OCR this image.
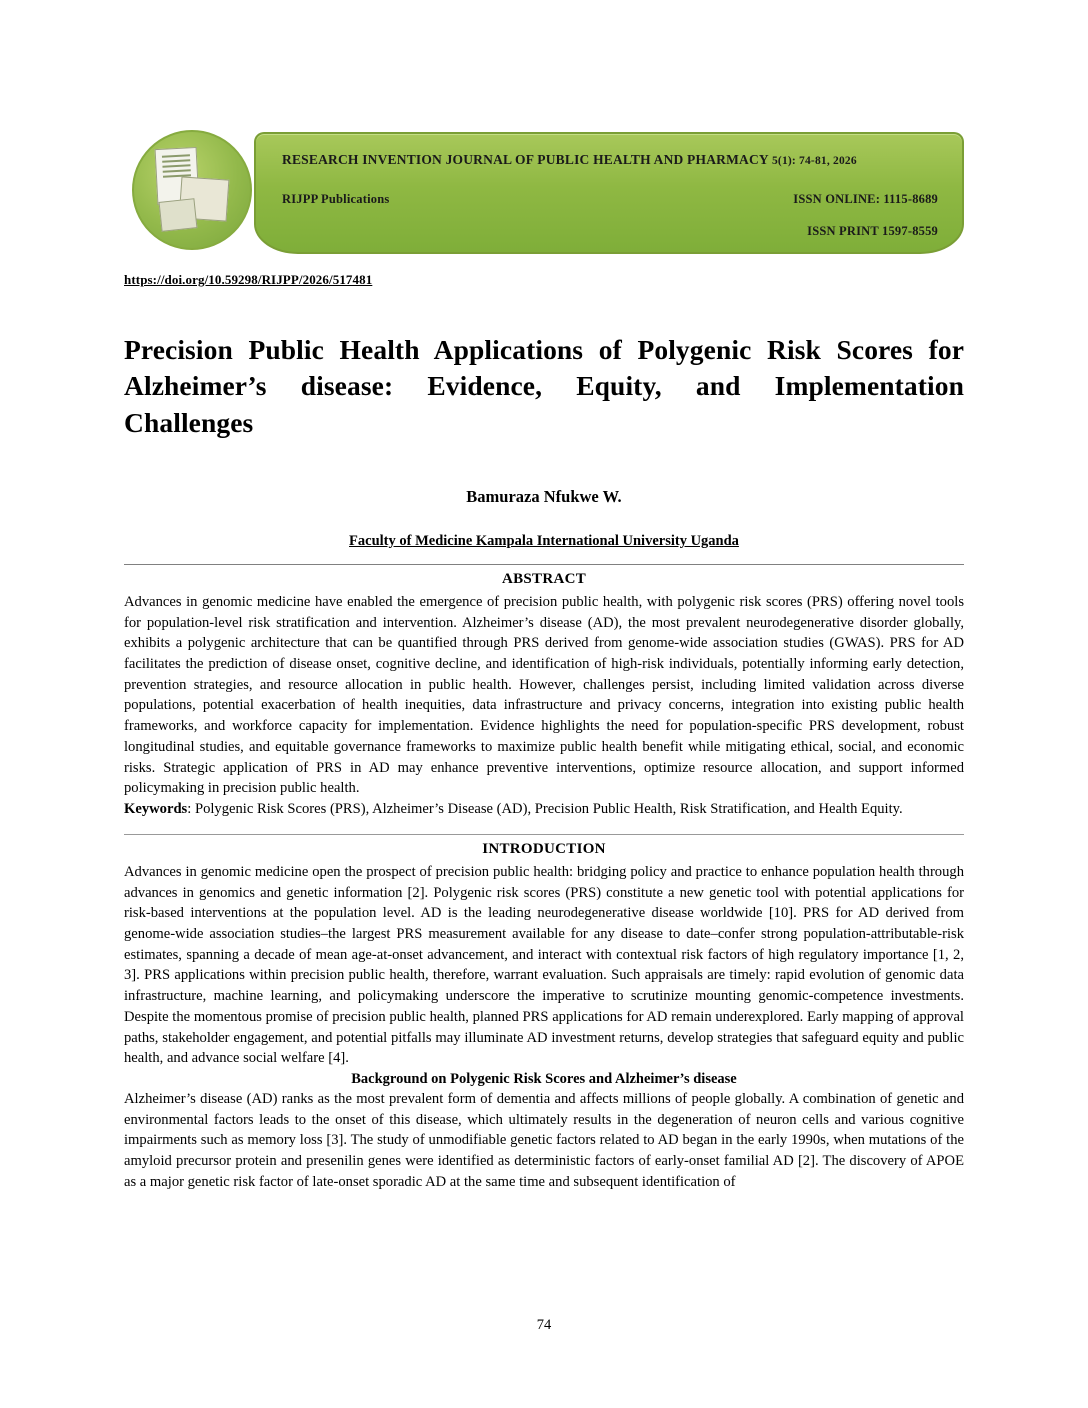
RESEARCH INVENTION JOURNAL OF PUBLIC HEALTH AND PHARMACY 5(1): 74-81, 2026
RIJPP Publications	ISSN ONLINE: 1115-8689
ISSN PRINT 1597-8559
https://doi.org/10.59298/RIJPP/2026/517481
Precision Public Health Applications of Polygenic Risk Scores for Alzheimer’s disease: Evidence, Equity, and Implementation Challenges
Bamuraza Nfukwe W.
Faculty of Medicine Kampala International University Uganda
ABSTRACT

Advances in genomic medicine have enabled the emergence of precision public health, with polygenic risk scores (PRS) offering novel tools for population-level risk stratification and intervention. Alzheimer’s disease (AD), the most prevalent neurodegenerative disorder globally, exhibits a polygenic architecture that can be quantified through PRS derived from genome-wide association studies (GWAS). PRS for AD facilitates the prediction of disease onset, cognitive decline, and identification of high-risk individuals, potentially informing early detection, prevention strategies, and resource allocation in public health. However, challenges persist, including limited validation across diverse populations, potential exacerbation of health inequities, data infrastructure and privacy concerns, integration into existing public health frameworks, and workforce capacity for implementation. Evidence highlights the need for population-specific PRS development, robust longitudinal studies, and equitable governance frameworks to maximize public health benefit while mitigating ethical, social, and economic risks. Strategic application of PRS in AD may enhance preventive interventions, optimize resource allocation, and support informed policymaking in precision public health.

Keywords: Polygenic Risk Scores (PRS), Alzheimer’s Disease (AD), Precision Public Health, Risk Stratification, and Health Equity.

INTRODUCTION

Advances in genomic medicine open the prospect of precision public health: bridging policy and practice to enhance population health through advances in genomics and genetic information [2]. Polygenic risk scores (PRS) constitute a new genetic tool with potential applications for risk-based interventions at the population level. AD is the leading neurodegenerative disease worldwide [10]. PRS for AD derived from genome-wide association studies–the largest PRS measurement available for any disease to date–confer strong population-attributable-risk estimates, spanning a decade of mean age-at-onset advancement, and interact with contextual risk factors of high regulatory importance [1, 2, 3]. PRS applications within precision public health, therefore, warrant evaluation. Such appraisals are timely: rapid evolution of genomic data infrastructure, machine learning, and policymaking underscore the imperative to scrutinize mounting genomic-competence investments. Despite the momentous promise of precision public health, planned PRS applications for AD remain underexplored. Early mapping of approval paths, stakeholder engagement, and potential pitfalls may illuminate AD investment returns, develop strategies that safeguard equity and public health, and advance social welfare [4].

Background on Polygenic Risk Scores and Alzheimer’s disease

Alzheimer’s disease (AD) ranks as the most prevalent form of dementia and affects millions of people globally. A combination of genetic and environmental factors leads to the onset of this disease, which ultimately results in the degeneration of neuron cells and various cognitive impairments such as memory loss [3]. The study of unmodifiable genetic factors related to AD began in the early 1990s, when mutations of the amyloid precursor protein and presenilin genes were identified as deterministic factors of early-onset familial AD [2]. The discovery of APOE as a major genetic risk factor of late-onset sporadic AD at the same time and subsequent identification of

74
